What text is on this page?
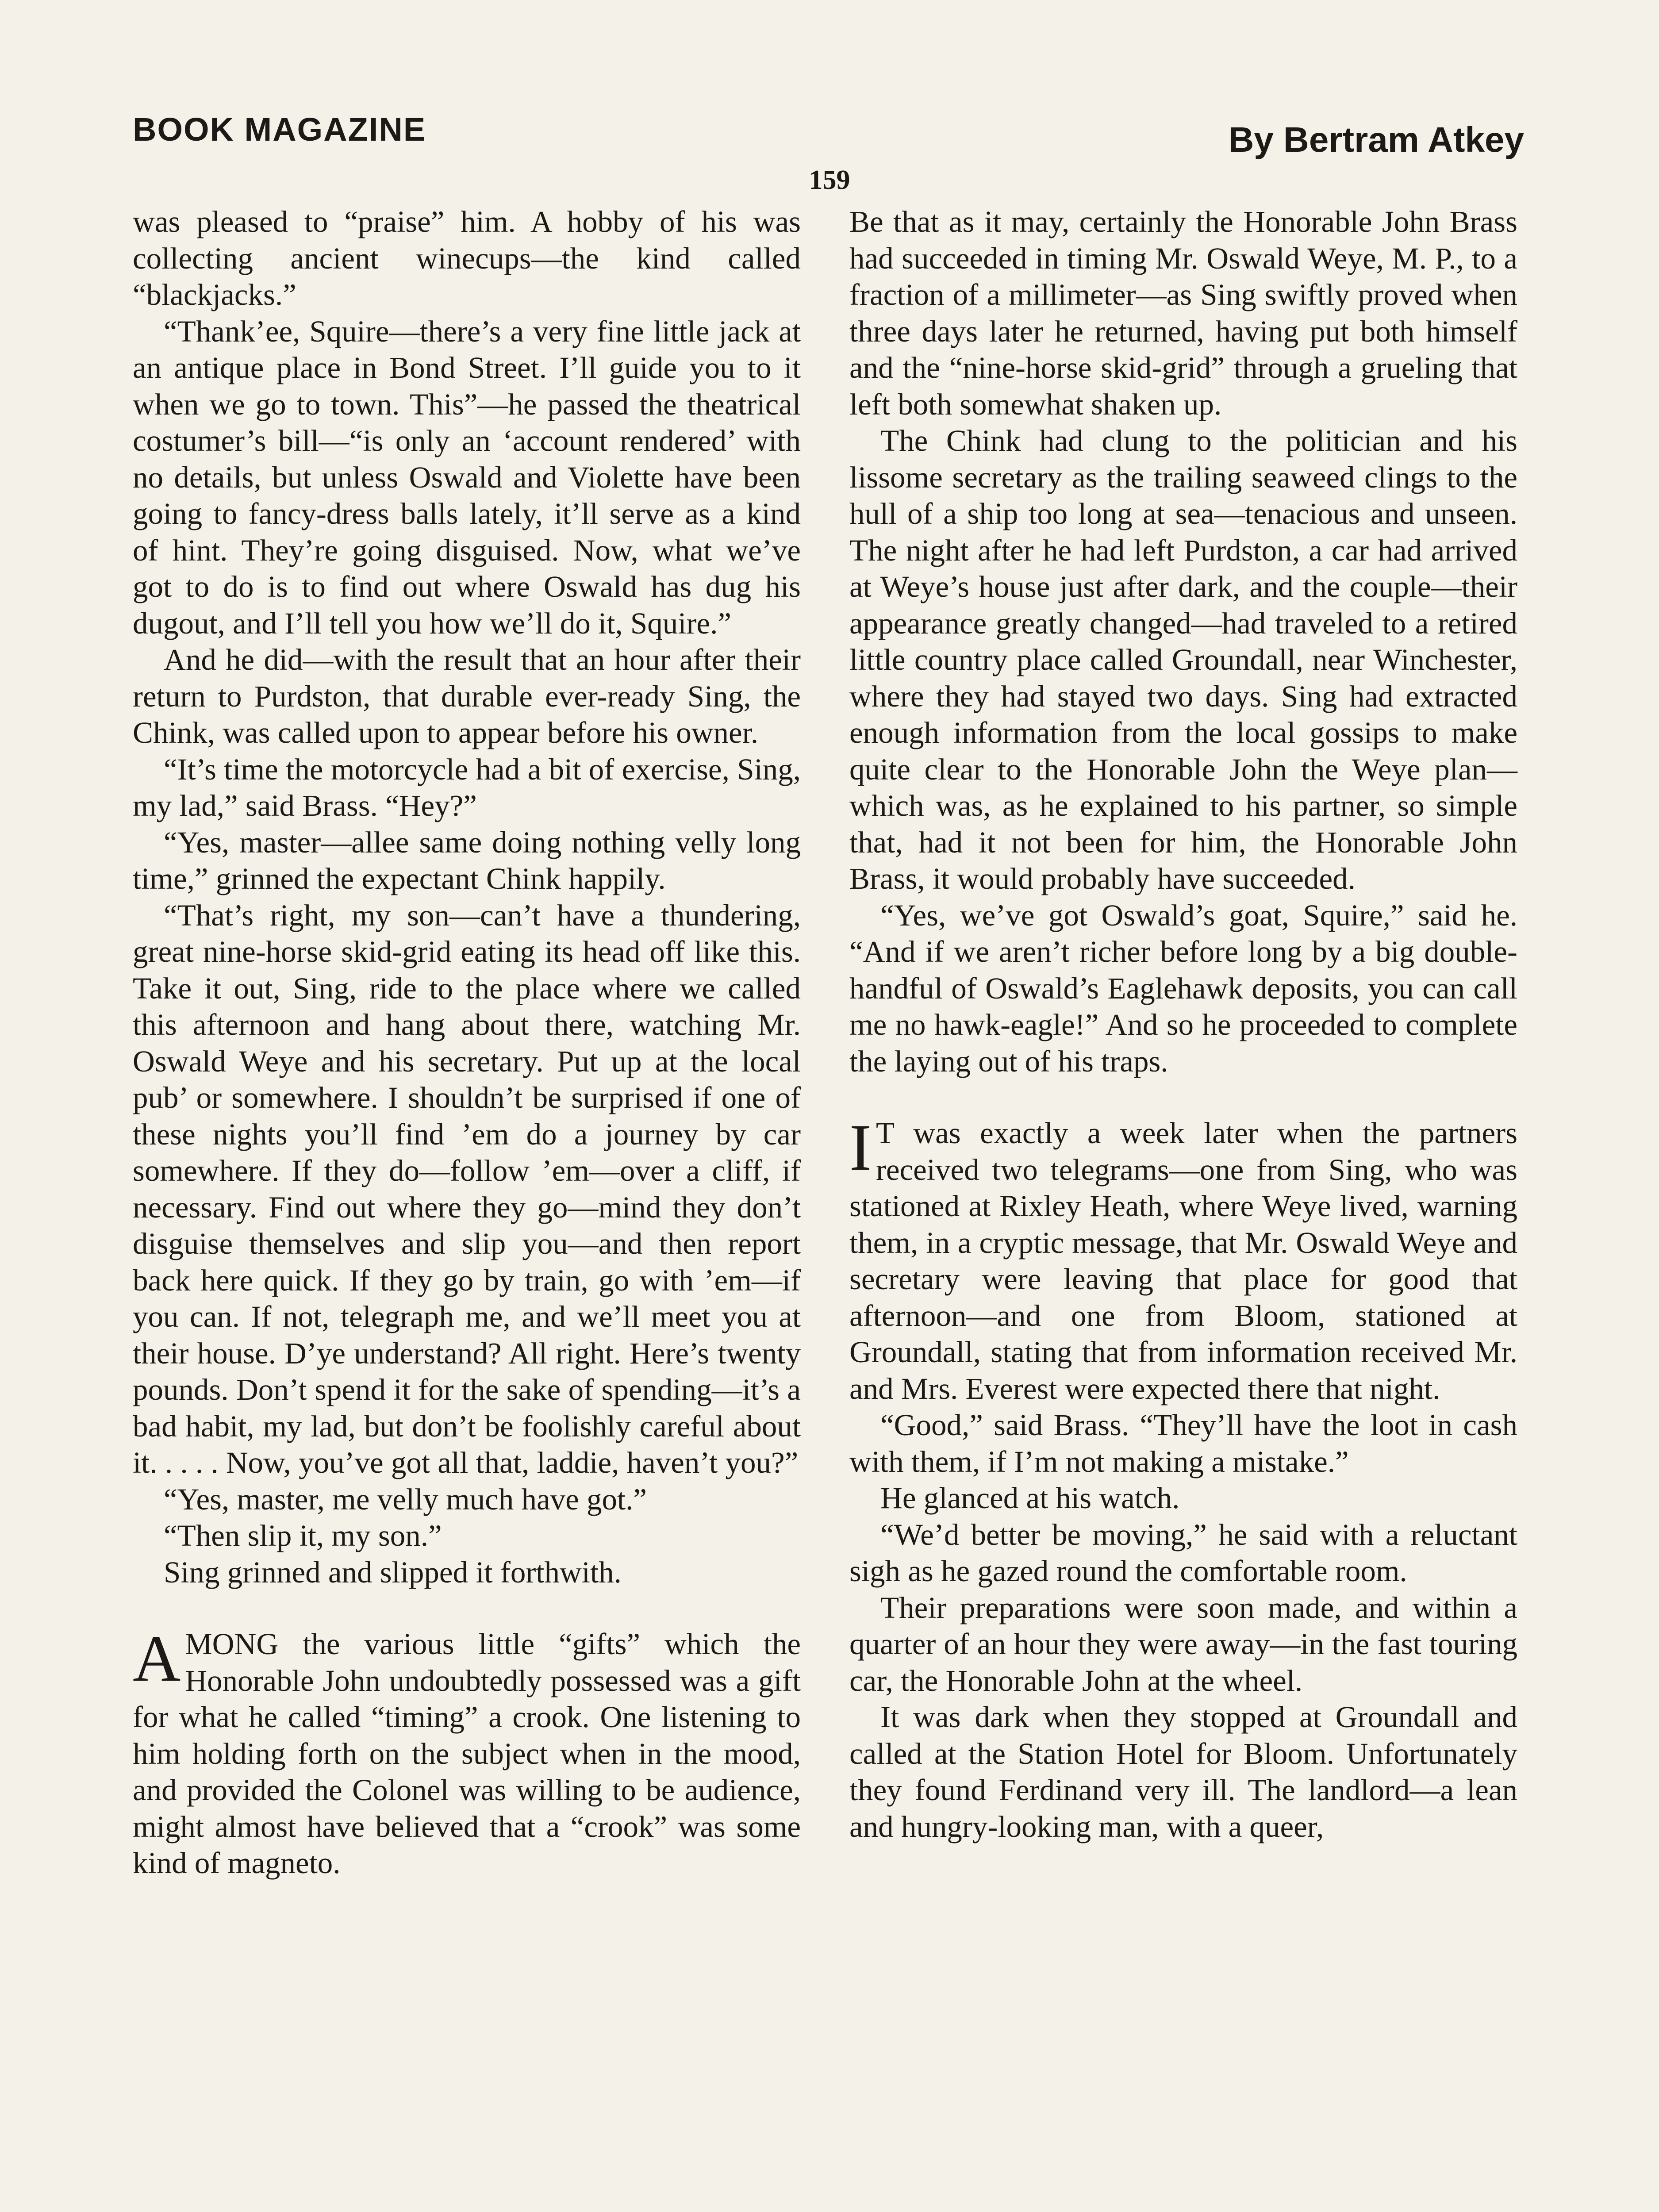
BOOK MAGAZINE	By Bertram Atkey
159

was pleased to “praise” him. A hobby of his was collecting ancient winecups—the kind called “blackjacks.”

“Thank’ee, Squire—there’s a very fine little jack at an antique place in Bond Street. I’ll guide you to it when we go to town. This”—he passed the theatrical costumer’s bill—“is only an ‘account rendered’ with no details, but unless Oswald and Violette have been going to fancy-dress balls lately, it’ll serve as a kind of hint. They’re going disguised. Now, what we’ve got to do is to find out where Oswald has dug his dugout, and I’ll tell you how we’ll do it, Squire.”

And he did—with the result that an hour after their return to Purdston, that durable ever-ready Sing, the Chink, was called upon to appear before his owner.

“It’s time the motorcycle had a bit of exercise, Sing, my lad,” said Brass. “Hey?”

“Yes, master—allee same doing nothing velly long time,” grinned the expectant Chink happily.

“That’s right, my son—can’t have a thundering, great nine-horse skid-grid eating its head off like this. Take it out, Sing, ride to the place where we called this afternoon and hang about there, watching Mr. Oswald Weye and his secretary. Put up at the local pub’ or somewhere. I shouldn’t be surprised if one of these nights you’ll find ’em do a journey by car somewhere. If they do—follow ’em—over a cliff, if necessary. Find out where they go—mind they don’t disguise themselves and slip you—and then report back here quick. If they go by train, go with ’em—if you can. If not, telegraph me, and we’ll meet you at their house. D’ye understand? All right. Here’s twenty pounds. Don’t spend it for the sake of spending—it’s a bad habit, my lad, but don’t be foolishly careful about it. . . . . Now, you’ve got all that, laddie, haven’t you?”

“Yes, master, me velly much have got.”

“Then slip it, my son.”

Sing grinned and slipped it forthwith.

AMONG the various little “gifts” which the Honorable John undoubtedly possessed was a gift for what he called “timing” a crook. One listening to him holding forth on the subject when in the mood, and provided the Colonel was willing to be audience, might almost have believed that a “crook” was some kind of magneto.

Be that as it may, certainly the Honorable John Brass had succeeded in timing Mr. Oswald Weye, M. P., to a fraction of a millimeter—as Sing swiftly proved when three days later he returned, having put both himself and the “nine-horse skid-grid” through a grueling that left both somewhat shaken up.

The Chink had clung to the politician and his lissome secretary as the trailing seaweed clings to the hull of a ship too long at sea—tenacious and unseen. The night after he had left Purdston, a car had arrived at Weye’s house just after dark, and the couple—their appearance greatly changed—had traveled to a retired little country place called Groundall, near Winchester, where they had stayed two days. Sing had extracted enough information from the local gossips to make quite clear to the Honorable John the Weye plan—which was, as he explained to his partner, so simple that, had it not been for him, the Honorable John Brass, it would probably have succeeded.

“Yes, we’ve got Oswald’s goat, Squire,” said he. “And if we aren’t richer before long by a big double-handful of Oswald’s Eaglehawk deposits, you can call me no hawk-eagle!” And so he proceeded to complete the laying out of his traps.

I T was exactly a week later when the partners received two telegrams—one from Sing, who was stationed at Rixley Heath, where Weye lived, warning them, in a cryptic message, that Mr. Oswald Weye and secretary were leaving that place for good that afternoon—and one from Bloom, stationed at Groundall, stating that from information received Mr. and Mrs. Everest were expected there that night.

“Good,” said Brass. “They’ll have the loot in cash with them, if I’m not making a mistake.”

He glanced at his watch.

“We’d better be moving,” he said with a reluctant sigh as he gazed round the comfortable room.

Their preparations were soon made, and within a quarter of an hour they were away—in the fast touring car, the Honorable John at the wheel.

It was dark when they stopped at Groundall and called at the Station Hotel for Bloom. Unfortunately they found Ferdinand very ill. The landlord—a lean and hungry-looking man, with a queer,
